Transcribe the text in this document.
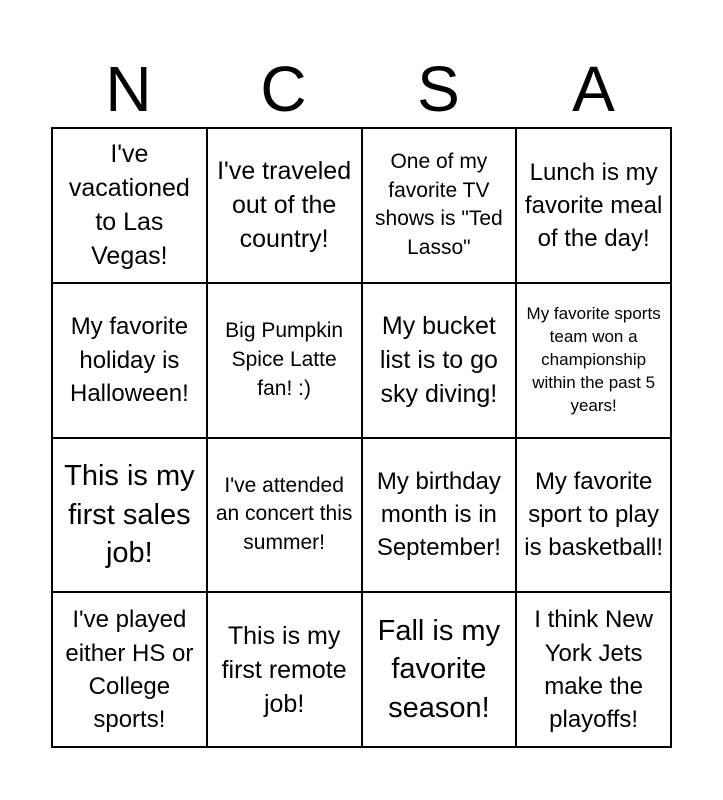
N	C	S	A
I've vacationed to Las Vegas!
I've traveled out of the country!
One of my favorite TV shows is "Ted Lasso"
Lunch is my favorite meal of the day!
My favorite holiday is Halloween!
Big Pumpkin Spice Latte fan! :)
My bucket list is to go sky diving!
My favorite sports team won a championship within the past 5 years!
This is my first sales job!
I've attended an concert this summer!
My birthday month is in September!
My favorite sport to play is basketball!
I've played either HS or College sports!
This is my first remote job!
Fall is my favorite season!
I think New York Jets make the playoffs!
